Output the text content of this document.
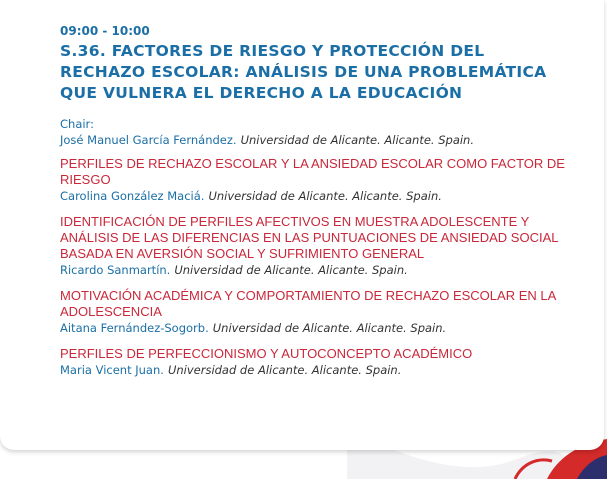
09:00 - 10:00
S.36. FACTORES DE RIESGO Y PROTECCIÓN DEL RECHAZO ESCOLAR: ANÁLISIS DE UNA PROBLEMÁTICA QUE VULNERA EL DERECHO A LA EDUCACIÓN
Chair:
José Manuel García Fernández. Universidad de Alicante. Alicante. Spain.
PERFILES DE RECHAZO ESCOLAR Y LA ANSIEDAD ESCOLAR COMO FACTOR DE RIESGO
Carolina González Maciá. Universidad de Alicante. Alicante. Spain.
IDENTIFICACIÓN DE PERFILES AFECTIVOS EN MUESTRA ADOLESCENTE Y ANÁLISIS DE LAS DIFERENCIAS EN LAS PUNTUACIONES DE ANSIEDAD SOCIAL BASADA EN AVERSIÓN SOCIAL Y SUFRIMIENTO GENERAL
Ricardo Sanmartín. Universidad de Alicante. Alicante. Spain.
MOTIVACIÓN ACADÉMICA Y COMPORTAMIENTO DE RECHAZO ESCOLAR EN LA ADOLESCENCIA
Aitana Fernández-Sogorb. Universidad de Alicante. Alicante. Spain.
PERFILES DE PERFECCIONISMO Y AUTOCONCEPTO ACADÉMICO
Maria Vicent Juan. Universidad de Alicante. Alicante. Spain.
